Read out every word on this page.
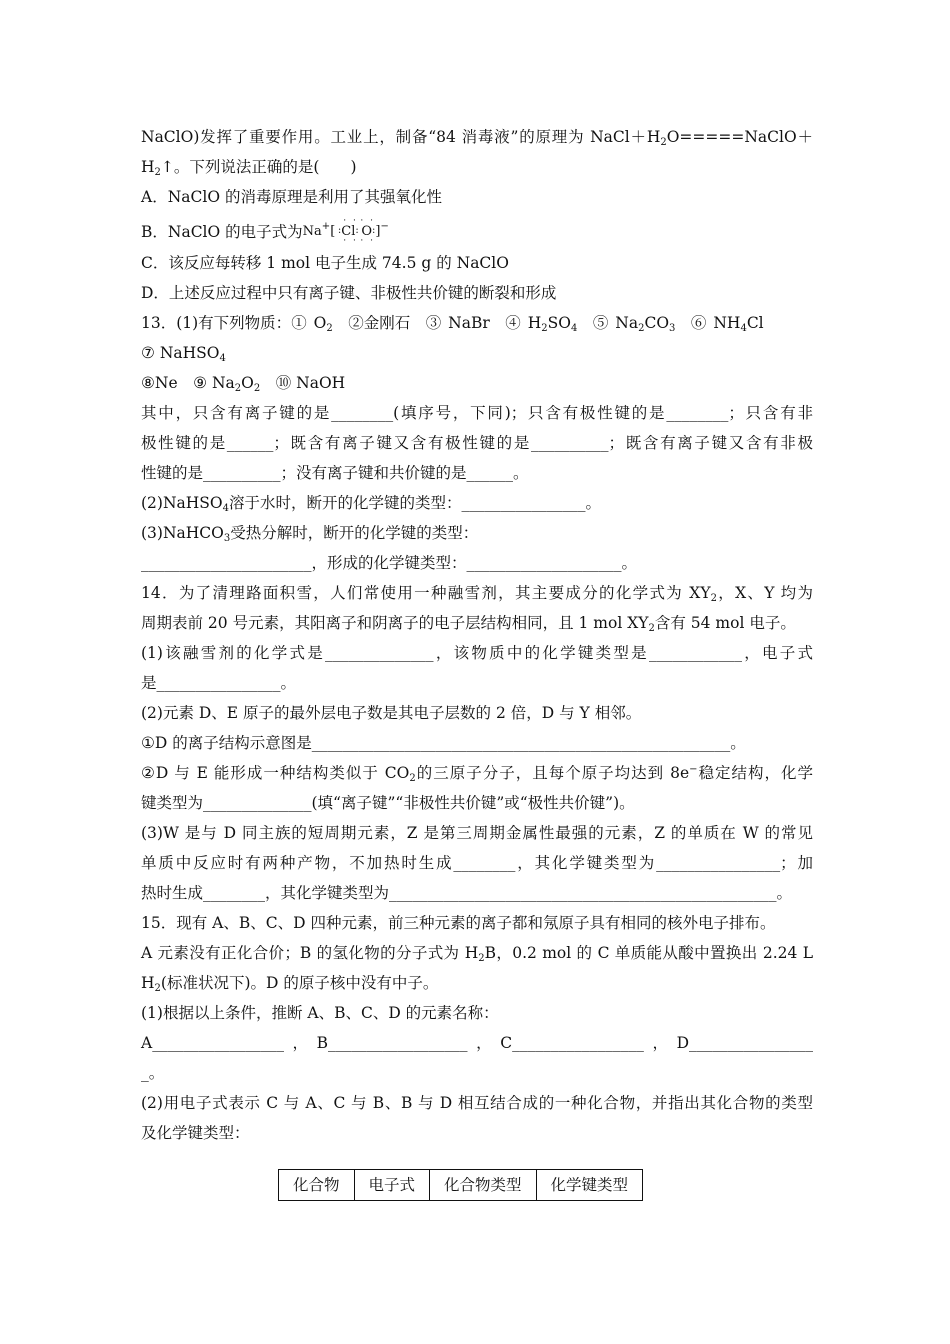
NaClO)发挥了重要作用。工业上，制备“84 消毒液”的原理为 $NaCl+H_2O=====NaClO+$
$H_2↑$。下列说法正确的是(　　)
A．NaClO 的消毒原理是利用了其强氧化性
B．NaClO 的电子式为Na+[  :
· ·
Cl
· ·
: 
· ·
O
· ·
:]−
C．该反应每转移 1 mol 电子生成 74.5 g 的 NaClO
D．上述反应过程中只有离子键、非极性共价键的断裂和形成
13．(1)有下列物质：① $O_2$　 ②金刚石　 ③ NaBr　 ④ $H_2SO_4$　 ⑤ $Na_2CO_3$　 ⑥ $NH_4Cl$
⑦ NaHSO$_4$
⑧Ne　⑨ $Na_2O_2$　⑩ NaOH
其中，只含有离子键的是________(填序号，下同)；只含有极性键的是________；只含有非
极性键的是______；既含有离子键又含有极性键的是__________；既含有离子键又含有非极
性键的是__________；没有离子键和共价键的是______。
(2)NaHSO$_4$溶于水时，断开的化学键的类型：________________。
(3)NaHCO$_3$受热分解时，断开的化学键的类型：
______________________，形成的化学键类型：____________________。
14．为了清理路面积雪，人们常使用一种融雪剂，其主要成分的化学式为 $XY_2$，X、Y 均为
周期表前 20 号元素，其阳离子和阴离子的电子层结构相同，且 1 mol $XY_2$含有 54 mol 电子。
(1)该融雪剂的化学式是______________，该物质中的化学键类型是____________，电子式
是________________。
(2)元素 D、E 原子的最外层电子数是其电子层数的 2 倍，D 与 Y 相邻。
①D 的离子结构示意图是______________________________________________________。
②D 与 E 能形成一种结构类似于 $CO_2$的三原子分子，且每个原子均达到 8e−稳定结构，化学
键类型为______________(填“离子键”“非极性共价键”或“极性共价键”)。
(3)W 是与 D 同主族的短周期元素，Z 是第三周期金属性最强的元素，Z 的单质在 W 的常见
单质中反应时有两种产物，不加热时生成________，其化学键类型为________________；加
热时生成________，其化学键类型为__________________________________________________。
15．现有 A、B、C、D 四种元素，前三种元素的离子都和氖原子具有相同的核外电子排布。
A 元素没有正化合价；B 的氢化物的分子式为 $H_2B$，0.2 mol 的 C 单质能从酸中置换出 2.24 L
$H_2$(标准状况下)。D 的原子核中没有中子。
(1)根据以上条件，推断 A、B、C、D 的元素名称：
A_________________，B__________________，C_________________，D________________
_。
(2)用电子式表示 C 与 A、C 与 B、B 与 D 相互结合成的一种化合物，并指出其化合物的类型
及化学键类型：
化合物	电子式	化合物类型	化学键类型
